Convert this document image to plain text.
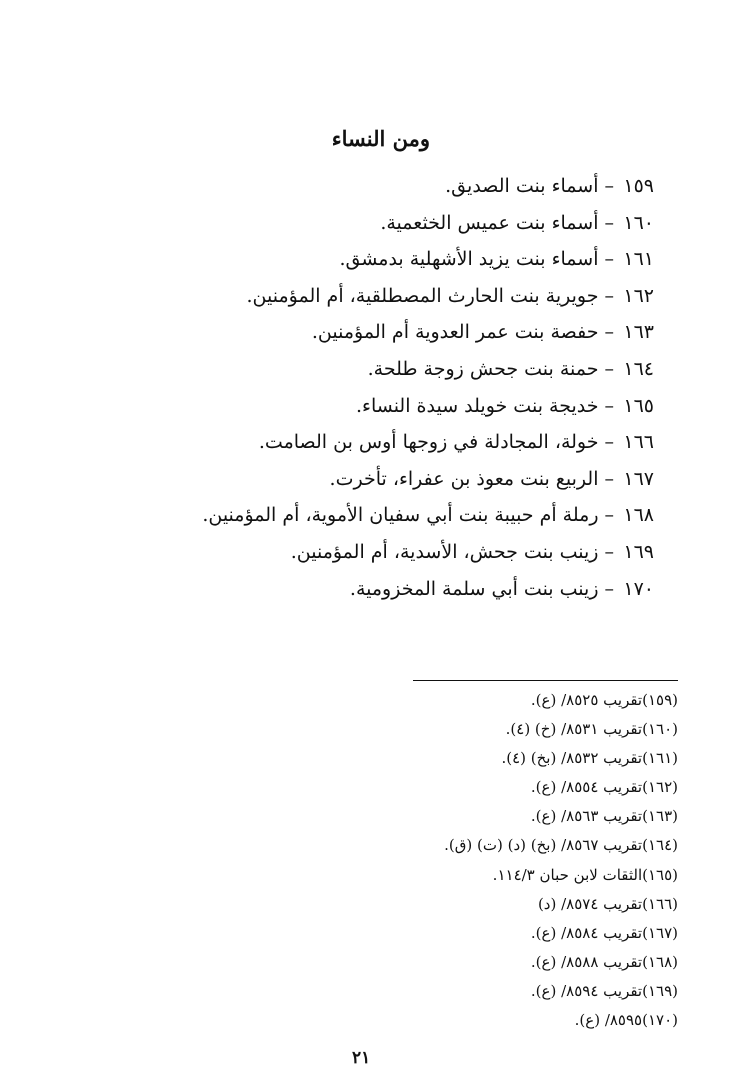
ومن النساء
١٥٩–أسماء بنت الصديق.
١٦٠–أسماء بنت عميس الخثعمية.
١٦١–أسماء بنت يزيد الأشهلية بدمشق.
١٦٢–جويرية بنت الحارث المصطلقية، أم المؤمنين.
١٦٣–حفصة بنت عمر العدوية أم المؤمنين.
١٦٤–حمنة بنت جحش زوجة طلحة.
١٦٥–خديجة بنت خويلد سيدة النساء.
١٦٦–خولة، المجادلة في زوجها أوس بن الصامت.
١٦٧–الربيع بنت معوذ بن عفراء، تأخرت.
١٦٨–رملة أم حبيبة بنت أبي سفيان الأموية، أم المؤمنين.
١٦٩–زينب بنت جحش، الأسدية، أم المؤمنين.
١٧٠–زينب بنت أبي سلمة المخزومية.
(١٥٩)تقريب ٨٥٢٥/ (ع).
(١٦٠)تقريب ٨٥٣١/ (خ) (٤).
(١٦١)تقريب ٨٥٣٢/ (بخ) (٤).
(١٦٢)تقريب ٨٥٥٤/ (ع).
(١٦٣)تقريب ٨٥٦٣/ (ع).
(١٦٤)تقريب ٨٥٦٧/ (بخ) (د) (ت) (ق).
(١٦٥)الثقات لابن حبان ١١٤/٣.
(١٦٦)تقريب ٨٥٧٤/ (د)
(١٦٧)تقريب ٨٥٨٤/ (ع).
(١٦٨)تقريب ٨٥٨٨/ (ع).
(١٦٩)تقريب ٨٥٩٤/ (ع).
(١٧٠)٨٥٩٥/ (ع).
٢١
